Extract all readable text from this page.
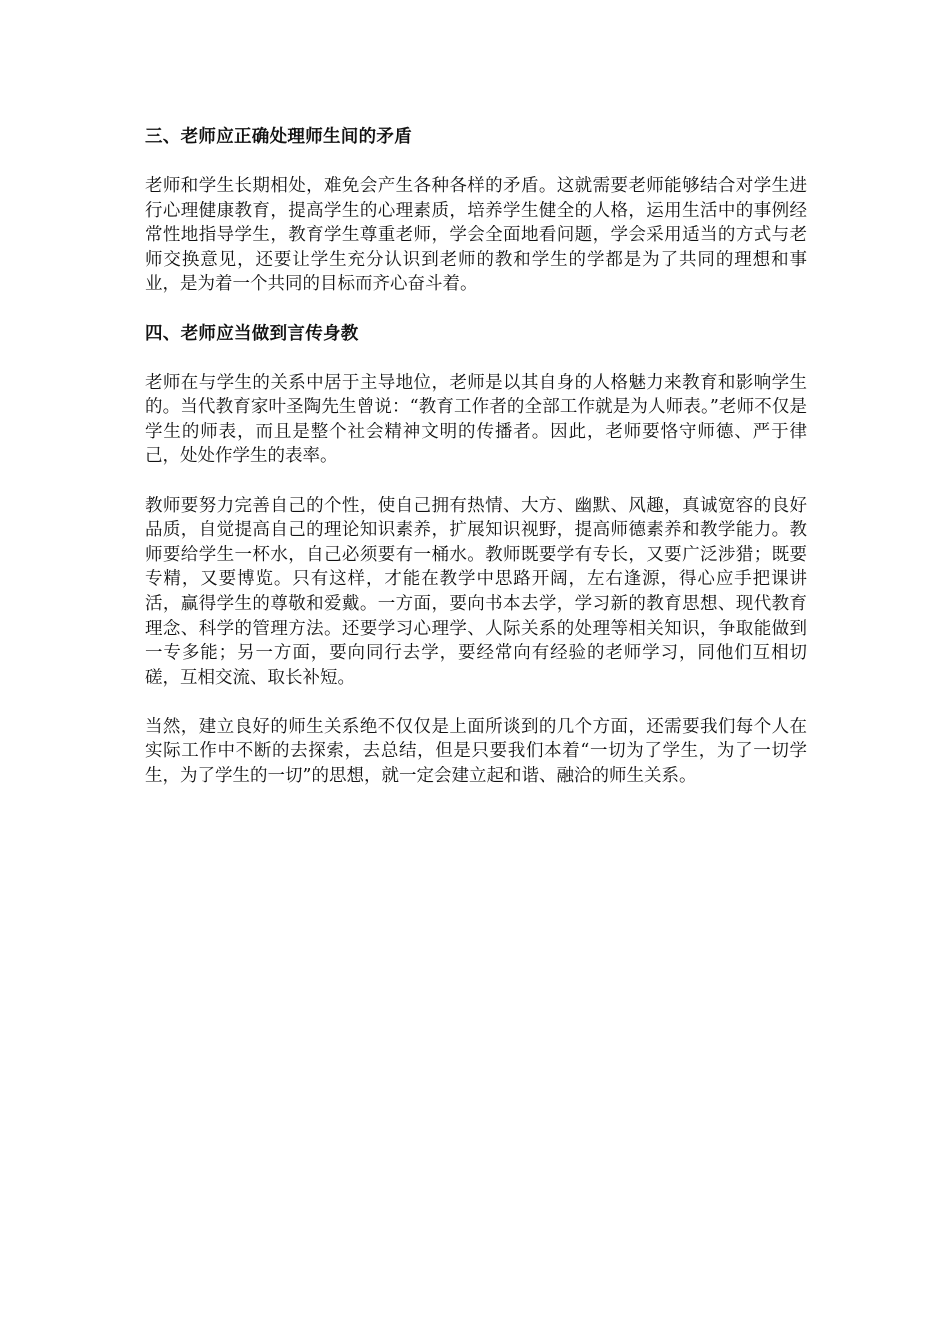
三、老师应正确处理师生间的矛盾

老师和学生长期相处，难免会产生各种各样的矛盾。这就需要老师能够结合对学生进行心理健康教育，提高学生的心理素质，培养学生健全的人格，运用生活中的事例经常性地指导学生，教育学生尊重老师，学会全面地看问题，学会采用适当的方式与老师交换意见，还要让学生充分认识到老师的教和学生的学都是为了共同的理想和事业，是为着一个共同的目标而齐心奋斗着。

四、老师应当做到言传身教

老师在与学生的关系中居于主导地位，老师是以其自身的人格魅力来教育和影响学生的。当代教育家叶圣陶先生曾说：“教育工作者的全部工作就是为人师表。”老师不仅是学生的师表，而且是整个社会精神文明的传播者。因此，老师要恪守师德、严于律己，处处作学生的表率。

教师要努力完善自己的个性，使自己拥有热情、大方、幽默、风趣，真诚宽容的良好品质，自觉提高自己的理论知识素养，扩展知识视野，提高师德素养和教学能力。教师要给学生一杯水，自己必须要有一桶水。教师既要学有专长，又要广泛涉猎；既要专精，又要博览。只有这样，才能在教学中思路开阔，左右逢源，得心应手把课讲活，赢得学生的尊敬和爱戴。一方面，要向书本去学，学习新的教育思想、现代教育理念、科学的管理方法。还要学习心理学、人际关系的处理等相关知识，争取能做到一专多能；另一方面，要向同行去学，要经常向有经验的老师学习，同他们互相切磋，互相交流、取长补短。

当然，建立良好的师生关系绝不仅仅是上面所谈到的几个方面，还需要我们每个人在实际工作中不断的去探索，去总结，但是只要我们本着“一切为了学生，为了一切学生，为了学生的一切”的思想，就一定会建立起和谐、融洽的师生关系。
